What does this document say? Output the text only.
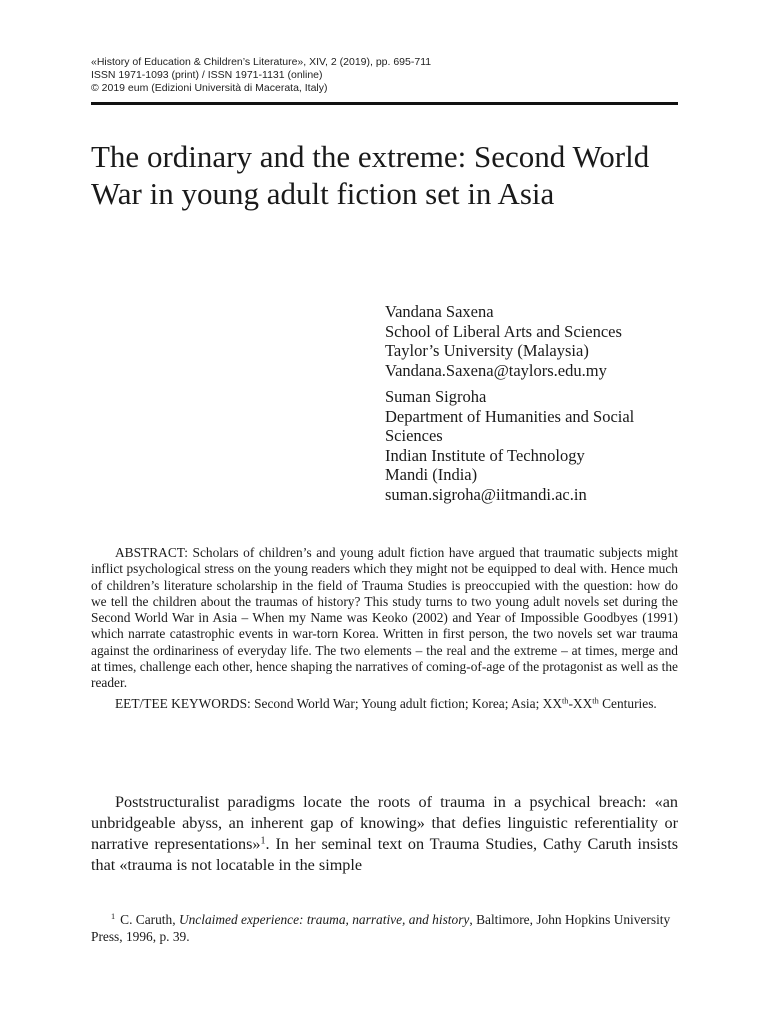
«History of Education & Children’s Literature», XIV, 2 (2019), pp. 695-711
ISSN 1971-1093 (print) / ISSN 1971-1131 (online)
© 2019 eum (Edizioni Università di Macerata, Italy)
The ordinary and the extreme: Second World War in young adult fiction set in Asia
Vandana Saxena
School of Liberal Arts and Sciences
Taylor’s University (Malaysia)
Vandana.Saxena@taylors.edu.my
Suman Sigroha
Department of Humanities and Social Sciences
Indian Institute of Technology
Mandi (India)
suman.sigroha@iitmandi.ac.in

ABSTRACT: Scholars of children’s and young adult fiction have argued that traumatic subjects might inflict psychological stress on the young readers which they might not be equipped to deal with. Hence much of children’s literature scholarship in the field of Trauma Studies is preoccupied with the question: how do we tell the children about the traumas of history? This study turns to two young adult novels set during the Second World War in Asia – When my Name was Keoko (2002) and Year of Impossible Goodbyes (1991) which narrate catastrophic events in war-torn Korea. Written in first person, the two novels set war trauma against the ordinariness of everyday life. The two elements – the real and the extreme – at times, merge and at times, challenge each other, hence shaping the narratives of coming-of-age of the protagonist as well as the reader.

EET/TEE KEYWORDS: Second World War; Young adult fiction; Korea; Asia; XXth-XXth Centuries.

Poststructuralist paradigms locate the roots of trauma in a psychical breach: «an unbridgeable abyss, an inherent gap of knowing» that defies linguistic referentiality or narrative representations»$^1$. In her seminal text on Trauma Studies, Cathy Caruth insists that «trauma is not locatable in the simple

$^1$ C. Caruth, Unclaimed experience: trauma, narrative, and history, Baltimore, John Hopkins University Press, 1996, p. 39.
